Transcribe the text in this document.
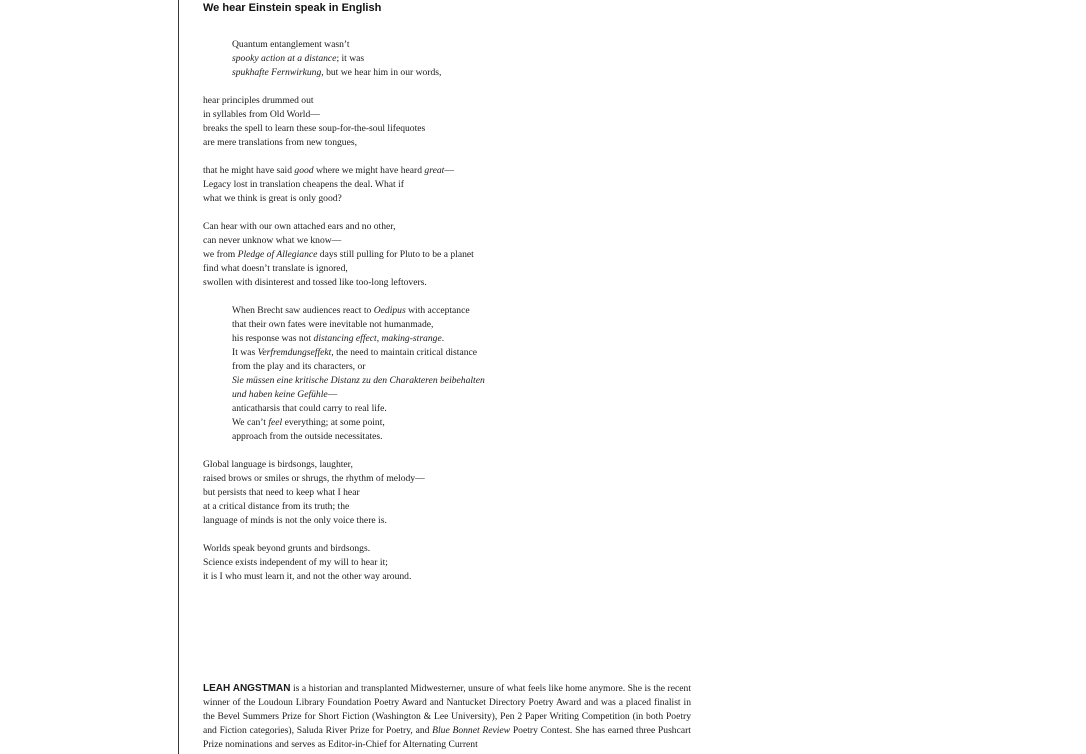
We hear Einstein speak in English
Quantum entanglement wasn’t
spooky action at a distance; it was
spukhafte Fernwirkung, but we hear him in our words,
hear principles drummed out
in syllables from Old World—
breaks the spell to learn these soup-for-the-soul lifequotes
are mere translations from new tongues,
that he might have said good where we might have heard great—
Legacy lost in translation cheapens the deal. What if
what we think is great is only good?
Can hear with our own attached ears and no other,
can never unknow what we know—
we from Pledge of Allegiance days still pulling for Pluto to be a planet
find what doesn’t translate is ignored,
swollen with disinterest and tossed like too-long leftovers.
When Brecht saw audiences react to Oedipus with acceptance
that their own fates were inevitable not humanmade,
his response was not distancing effect, making-strange.
It was Verfremdungseffekt, the need to maintain critical distance
from the play and its characters, or
Sie müssen eine kritische Distanz zu den Charakteren beibehalten
und haben keine Gefühle—
anticatharsis that could carry to real life.
We can’t feel everything; at some point,
approach from the outside necessitates.
Global language is birdsongs, laughter,
raised brows or smiles or shrugs, the rhythm of melody—
but persists that need to keep what I hear
at a critical distance from its truth; the
language of minds is not the only voice there is.
Worlds speak beyond grunts and birdsongs.
Science exists independent of my will to hear it;
it is I who must learn it, and not the other way around.
LEAH ANGSTMAN is a historian and transplanted Midwesterner, unsure of what feels like home anymore. She is the recent winner of the Loudoun Library Foundation Poetry Award and Nantucket Directory Poetry Award and was a placed finalist in the Bevel Summers Prize for Short Fiction (Washington & Lee University), Pen 2 Paper Writing Competition (in both Poetry and Fiction categories), Saluda River Prize for Poetry, and Blue Bonnet Review Poetry Contest. She has earned three Pushcart Prize nominations and serves as Editor-in-Chief for Alternating Current
